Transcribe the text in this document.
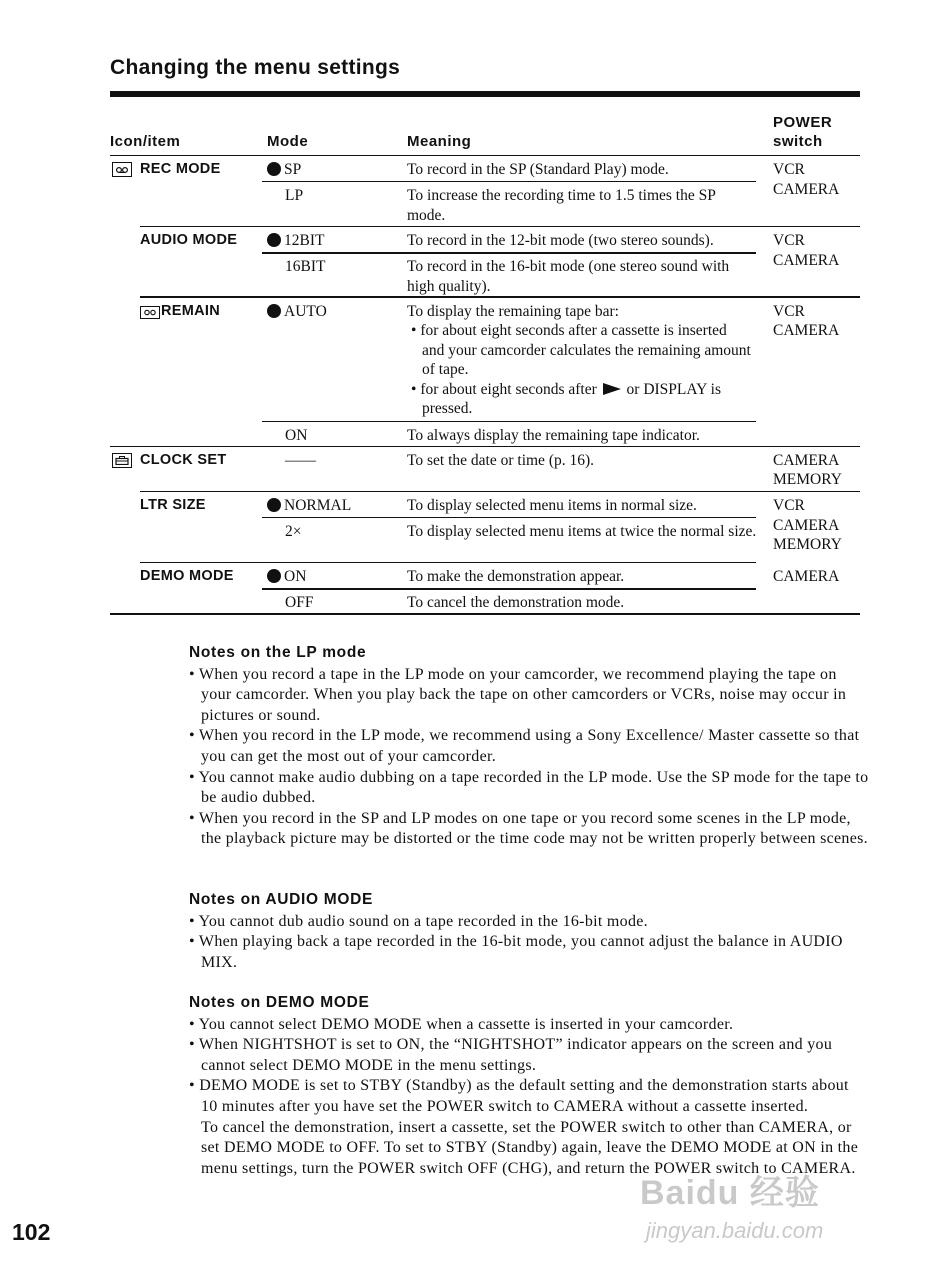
Changing the menu settings
Icon/item	Mode	Meaning
POWER
switch
REC MODE	SP	To record in the SP (Standard Play) mode.	VCR
CAMERA
LP	To increase the recording time to 1.5 times the SP mode.
AUDIO MODE	12BIT	To record in the 12-bit mode (two stereo sounds).	VCR
CAMERA
16BIT	To record in the 16-bit mode (one stereo sound with high quality).
REMAIN	AUTO	To display the remaining tape bar:
• for about eight seconds after a cassette is inserted and your camcorder calculates the remaining amount of tape.
• for about eight seconds after or DISPLAY is pressed.
VCR
CAMERA
ON	To always display the remaining tape indicator.
CLOCK SET	——	To set the date or time (p. 16).	CAMERA
MEMORY
LTR SIZE	NORMAL	To display selected menu items in normal size.	VCR
CAMERA
MEMORY
2×	To display selected menu items at twice the normal size.
DEMO MODE	ON	To make the demonstration appear.	CAMERA
OFF	To cancel the demonstration mode.
Notes on the LP mode

• When you record a tape in the LP mode on your camcorder, we recommend playing the tape on your camcorder. When you play back the tape on other camcorders or VCRs, noise may occur in pictures or sound.

• When you record in the LP mode, we recommend using a Sony Excellence/ Master cassette so that you can get the most out of your camcorder.

• You cannot make audio dubbing on a tape recorded in the LP mode. Use the SP mode for the tape to be audio dubbed.

• When you record in the SP and LP modes on one tape or you record some scenes in the LP mode, the playback picture may be distorted or the time code may not be written properly between scenes.

Notes on AUDIO MODE

• You cannot dub audio sound on a tape recorded in the 16-bit mode.

• When playing back a tape recorded in the 16-bit mode, you cannot adjust the balance in AUDIO MIX.

Notes on DEMO MODE

• You cannot select DEMO MODE when a cassette is inserted in your camcorder.

• When NIGHTSHOT is set to ON, the “NIGHTSHOT” indicator appears on the screen and you cannot select DEMO MODE in the menu settings.

• DEMO MODE is set to STBY (Standby) as the default setting and the demonstration starts about 10 minutes after you have set the POWER switch to CAMERA without a cassette inserted.

To cancel the demonstration, insert a cassette, set the POWER switch to other than CAMERA, or set DEMO MODE to OFF. To set to STBY (Standby) again, leave the DEMO MODE at ON in the menu settings, turn the POWER switch OFF (CHG), and return the POWER switch to CAMERA.

102
Baidu 经验
jingyan.baidu.com
